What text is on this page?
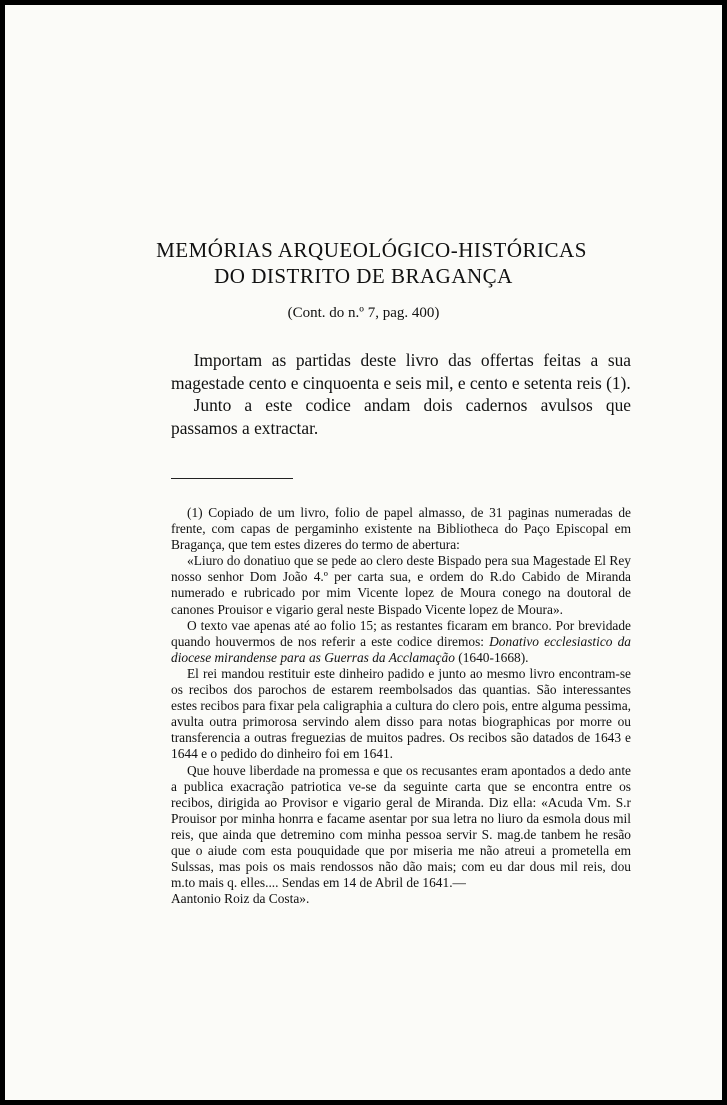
MEMÓRIAS ARQUEOLÓGICO-HISTÓRICAS
DO DISTRITO DE BRAGANÇA
(Cont. do n.º 7, pag. 400)

Importam as partidas deste livro das offertas feitas a sua magestade cento e cinquoenta e seis mil, e cento e setenta reis (1).

Junto a este codice andam dois cadernos avulsos que passamos a extractar.

(1) Copiado de um livro, folio de papel almasso, de 31 paginas numeradas de frente, com capas de pergaminho existente na Bibliotheca do Paço Episcopal em Bragança, que tem estes dizeres do termo de abertura:

«Liuro do donatiuo que se pede ao clero deste Bispado pera sua Magestade El Rey nosso senhor Dom João 4.º per carta sua, e ordem do R.do Cabido de Miranda numerado e rubricado por mim Vicente lopez de Moura conego na doutoral de canones Prouisor e vigario geral neste Bispado Vicente lopez de Moura».

O texto vae apenas até ao folio 15; as restantes ficaram em branco. Por brevidade quando houvermos de nos referir a este codice diremos: Donativo ecclesiastico da diocese mirandense para as Guerras da Acclamação (1640-1668).

El rei mandou restituir este dinheiro padido e junto ao mesmo livro encontram-se os recibos dos parochos de estarem reembolsados das quantias. São interessantes estes recibos para fixar pela caligraphia a cultura do clero pois, entre alguma pessima, avulta outra primorosa servindo alem disso para notas biographicas por morre ou transferencia a outras freguezias de muitos padres. Os recibos são datados de 1643 e 1644 e o pedido do dinheiro foi em 1641.

Que houve liberdade na promessa e que os recusantes eram apontados a dedo ante a publica exacração patriotica ve-se da seguinte carta que se encontra entre os recibos, dirigida ao Provisor e vigario geral de Miranda. Diz ella: «Acuda Vm. S.r Prouisor por minha honrra e facame asentar por sua letra no liuro da esmola dous mil reis, que ainda que detremino com minha pessoa servir S. mag.de tanbem he resão que o aiude com esta pouquidade que por miseria me não atreui a prometella em Sulssas, mas pois os mais rendossos não dão mais; com eu dar dous mil reis, dou m.to mais q. elles.... Sendas em 14 de Abril de 1641.—

Aantonio Roiz da Costa».
